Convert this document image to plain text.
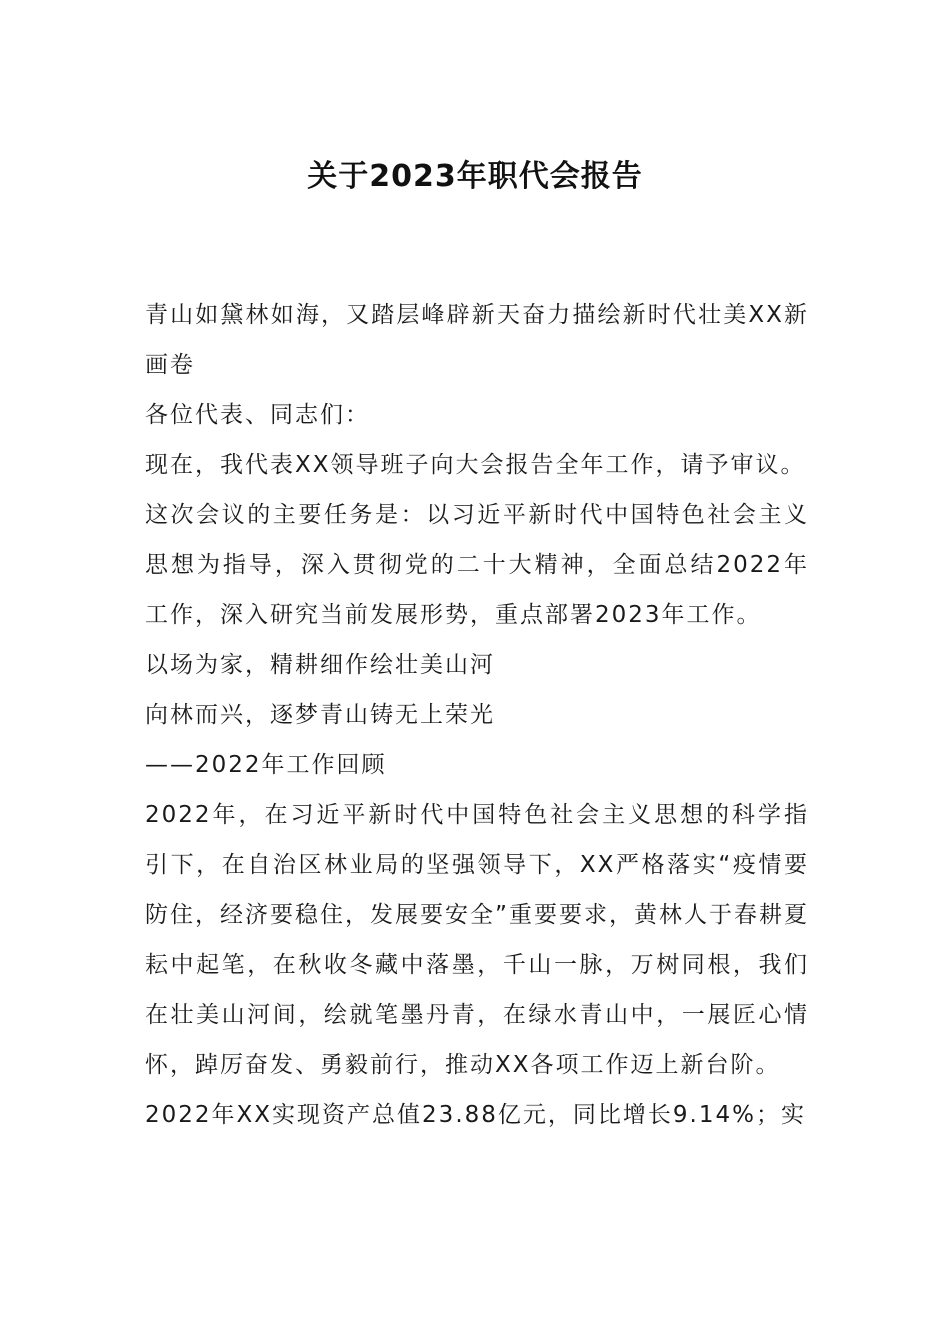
关于2023年职代会报告

青山如黛林如海，又踏层峰辟新天奋力描绘新时代壮美XX新画卷

各位代表、同志们：

现在，我代表XX领导班子向大会报告全年工作，请予审议。

这次会议的主要任务是：以习近平新时代中国特色社会主义思想为指导，深入贯彻党的二十大精神，全面总结2022年工作，深入研究当前发展形势，重点部署2023年工作。

以场为家，精耕细作绘壮美山河

向林而兴，逐梦青山铸无上荣光

——2022年工作回顾

2022年，在习近平新时代中国特色社会主义思想的科学指引下，在自治区林业局的坚强领导下，XX严格落实“疫情要防住，经济要稳住，发展要安全”重要要求，黄林人于春耕夏耘中起笔，在秋收冬藏中落墨，千山一脉，万树同根，我们在壮美山河间，绘就笔墨丹青，在绿水青山中，一展匠心情怀，踔厉奋发、勇毅前行，推动XX各项工作迈上新台阶。

2022年XX实现资产总值23.88亿元，同比增长9.14%；实
